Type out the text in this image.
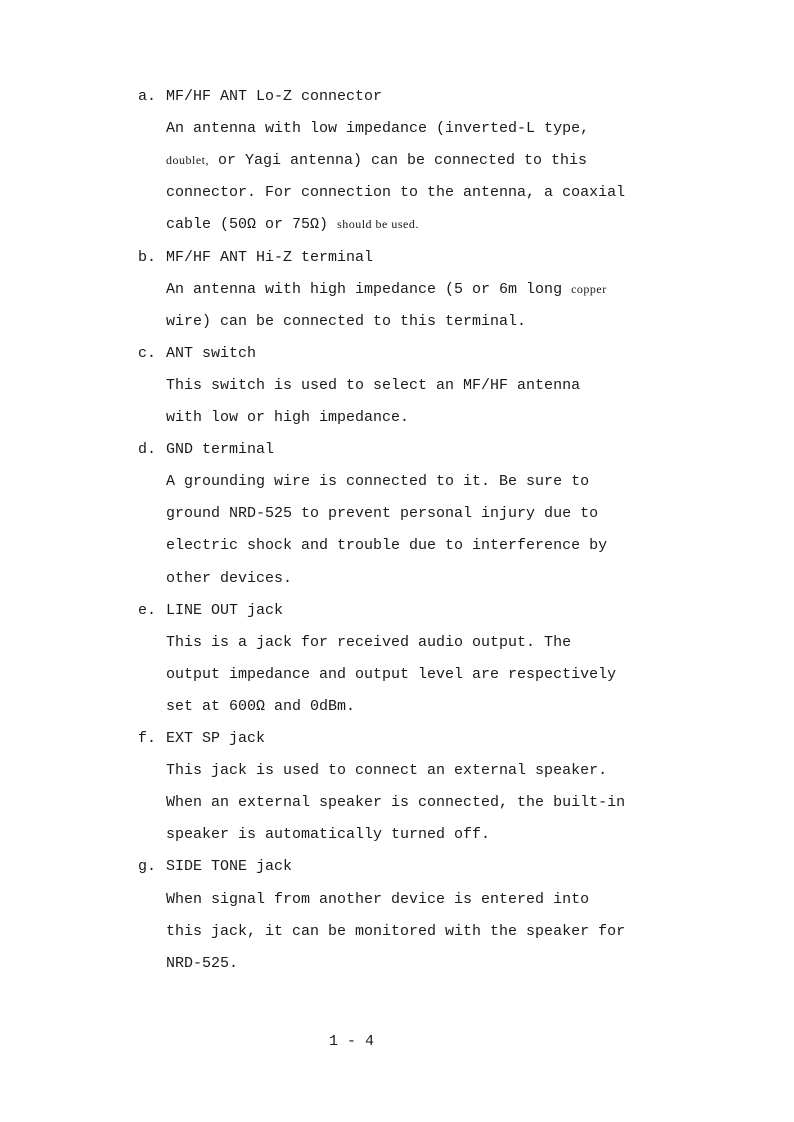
a. MF/HF ANT Lo-Z connector
An antenna with low impedance (inverted-L type,
doublet, or Yagi antenna) can be connected to this
connector. For connection to the antenna, a coaxial
cable (50Ω or 75Ω) should be used.
b. MF/HF ANT Hi-Z terminal
An antenna with high impedance (5 or 6m long copper
wire) can be connected to this terminal.
c. ANT switch
This switch is used to select an MF/HF antenna
with low or high impedance.
d. GND terminal
A grounding wire is connected to it. Be sure to
ground NRD-525 to prevent personal injury due to
electric shock and trouble due to interference by
other devices.
e. LINE OUT jack
This is a jack for received audio output. The
output impedance and output level are respectively
set at 600Ω and 0dBm.
f. EXT SP jack
This jack is used to connect an external speaker.
When an external speaker is connected, the built-in
speaker is automatically turned off.
g. SIDE TONE jack
When signal from another device is entered into
this jack, it can be monitored with the speaker for
NRD-525.
1 - 4
